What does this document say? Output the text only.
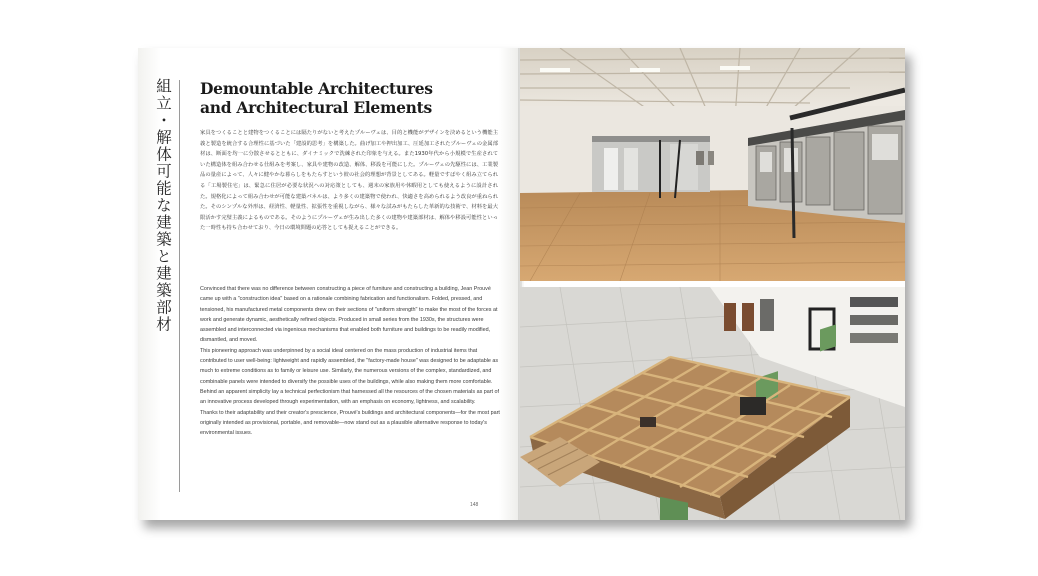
組立・解体可能な建築と建築部材 Demountable Architectures
and Architectural Elements
家具をつくることと建物をつくることには隔たりがないと考えたプルーヴェは、目的と機能がデザインを決めるという機能主義と製造を統合する合理性に基づいた「建設的思考」を構築した。曲げ加工や押出加工、圧延加工されたプルーヴェの金属部材は、断面を均一に分散させるとともに、ダイナミックで洗練された印象を与える。また1930年代から小規模で生産されていた構造体を組み合わせる仕組みを考案し、家具や建物の改造、解体、移設を可能にした。プルーヴェの先駆性には、工業製品の量産によって、人々に健やかな暮らしをもたらすという彼の社会的理想が背景としてある。軽量ですばやく組み立てられる「工場製住宅」は、緊急に住居が必要な状況への対応策としても、週末の家族用や休暇用としても使えるように設計された。規格化によって組み合わせが可能な建築パネルは、より多くの建築物で使われ、快適さを高められるよう改良が重ねられた。そのシンプルな外形は、経済性、軽量性、拡張性を重視しながら、様々な試みがもたらした革新的な技術で、材料を最大限活かす完璧主義によるものである。そのようにプルーヴェが生み出した多くの建物や建築部材は、解体や移設可能性といった一時性も持ち合わせており、今日の環境問題の応答としても捉えることができる。

Convinced that there was no difference between constructing a piece of furniture and constructing a building, Jean Prouvé came up with a "construction idea" based on a rationale combining fabrication and functionalism. Folded, pressed, and tensioned, his manufactured metal components drew on their sections of "uniform strength" to make the most of the forces at work and generate dynamic, aesthetically refined objects. Produced in small series from the 1930s, the structures were assembled and interconnected via ingenious mechanisms that enabled both furniture and buildings to be readily modified, dismantled, and moved.

This pioneering approach was underpinned by a social ideal centered on the mass production of industrial items that contributed to user well-being: lightweight and rapidly assembled, the "factory-made house" was designed to be adaptable as much to extreme conditions as to family or leisure use. Similarly, the numerous versions of the complex, standardized, and combinable panels were intended to diversify the possible uses of the buildings, while also making them more comfortable. Behind an apparent simplicity lay a technical perfectionism that harnessed all the resources of the chosen materials as part of an innovative process developed through experimentation, with an emphasis on economy, lightness, and scalability.

Thanks to their adaptability and their creator's prescience, Prouvé's buildings and architectural components—for the most part originally intended as provisional, portable, and removable—now stand out as a plausible alternative response to today's environmental issues.

148
